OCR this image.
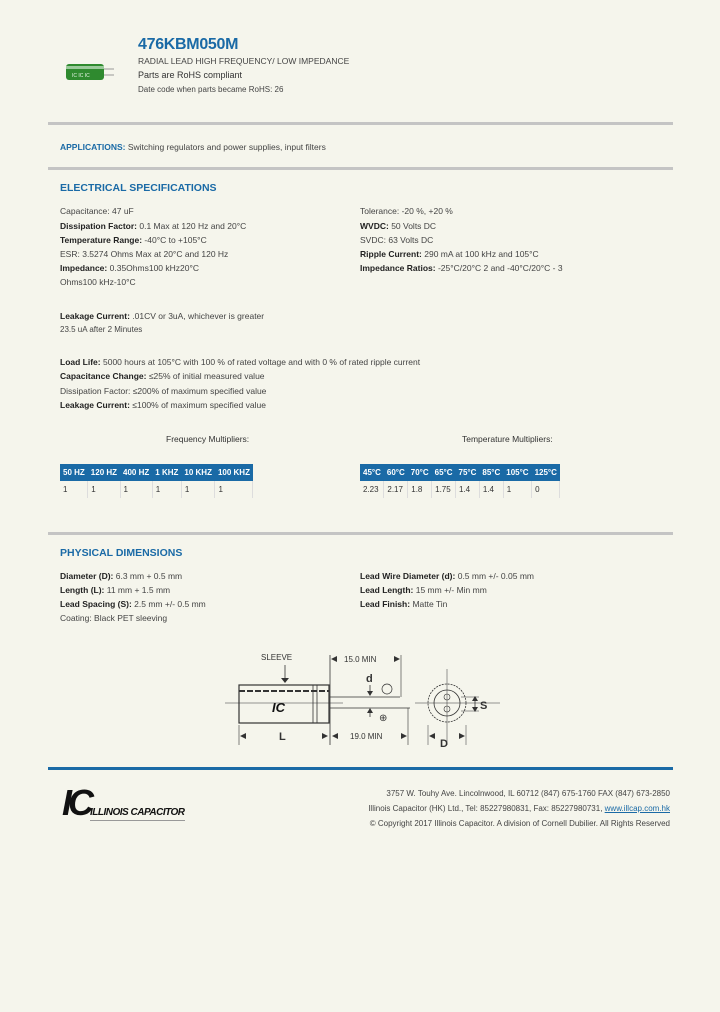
IC IC IC
476KBM050M
RADIAL LEAD HIGH FREQUENCY/ LOW IMPEDANCE
Parts are RoHS compliant
Date code when parts became RoHS: 26
APPLICATIONS: Switching regulators and power supplies, input filters
ELECTRICAL SPECIFICATIONS
Capacitance: 47 uF
Dissipation Factor: 0.1 Max at 120 Hz and 20°C
Temperature Range: -40°C to +105°C
ESR: 3.5274 Ohms Max at 20°C and 120 Hz
Impedance: 0.35Ohms100 kHz20°C
Ohms100 kHz-10°C
Tolerance: -20 %, +20 %
WVDC: 50 Volts DC
SVDC: 63 Volts DC
Ripple Current: 290 mA at 100 kHz and 105°C
Impedance Ratios: -25°C/20°C 2 and -40°C/20°C - 3
Leakage Current: .01CV or 3uA, whichever is greater
23.5 uA after 2 Minutes
Load Life: 5000 hours at 105°C with 100 % of rated voltage and with 0 % of rated ripple current
Capacitance Change: ≤25% of initial measured value
Dissipation Factor: ≤200% of maximum specified value
Leakage Current: ≤100% of maximum specified value
Frequency Multipliers:
50 HZ	120 HZ	400 HZ	1 KHZ	10 KHZ	100 KHZ
1	1	1	1	1	1
Temperature Multipliers:
45°C	60°C	70°C	65°C	75°C	85°C	105°C	125°C
2.23	2.17	1.8	1.75	1.4	1.4	1	0
PHYSICAL DIMENSIONS
Diameter (D): 6.3 mm + 0.5 mm
Length (L): 11 mm + 1.5 mm
Lead Spacing (S): 2.5 mm +/- 0.5 mm
Coating: Black PET sleeving
Lead Wire Diameter (d): 0.5 mm +/- 0.05 mm
Lead Length: 15 mm +/- Min mm
Lead Finish: Matte Tin
SLEEVE
IC
15.0 MIN
d
⊕
L	19.0 MIN
S
D
IC ILLINOIS CAPACITOR
3757 W. Touhy Ave. Lincolnwood, IL 60712 (847) 675-1760 FAX (847) 673-2850
Illinois Capacitor (HK) Ltd., Tel: 85227980831, Fax: 85227980731, www.illcap.com.hk
© Copyright 2017 Illinois Capacitor. A division of Cornell Dubilier. All Rights Reserved
